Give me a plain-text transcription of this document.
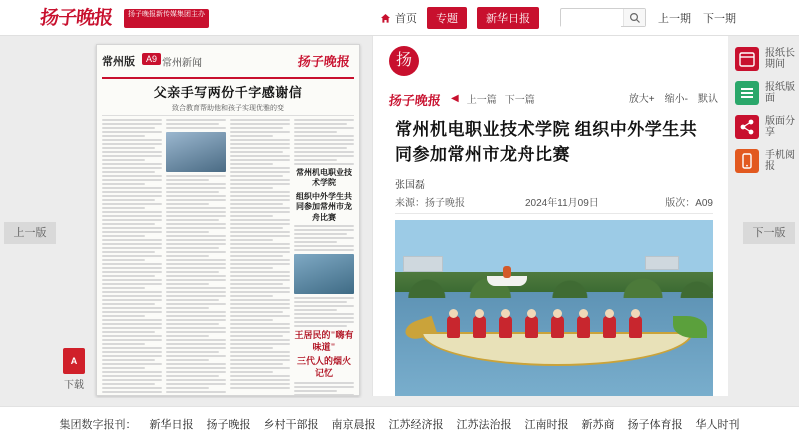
扬子晚报	扬子晚报新传媒集团主办	首页	专题	新华日报	上一期 下一期
上一版	下一版
常州版	A9 常州新闻	扬子晚报
父亲手写两份千字感谢信
致合教育帮助他和孩子实现优雅的变
常州机电职业技术学院
组织中外学生共同参加常州市龙舟比赛
王居民的"嗨有味道"
三代人的烟火记忆
A
下载
扬
扬子晚报 ◀ 上一篇 下一篇	放大+ 缩小- 默认
常州机电职业技术学院 组织中外学生共同参加常州市龙舟比赛
张国磊
来源：扬子晚报	2024年11月09日	版次：A09
报纸长期间
报纸版面
版面分享
手机阅报
集团数字报刊： 新华日报 扬子晚报 乡村干部报 南京晨报 江苏经济报 江苏法治报 江南时报 新苏商 扬子体育报 华人时刊
